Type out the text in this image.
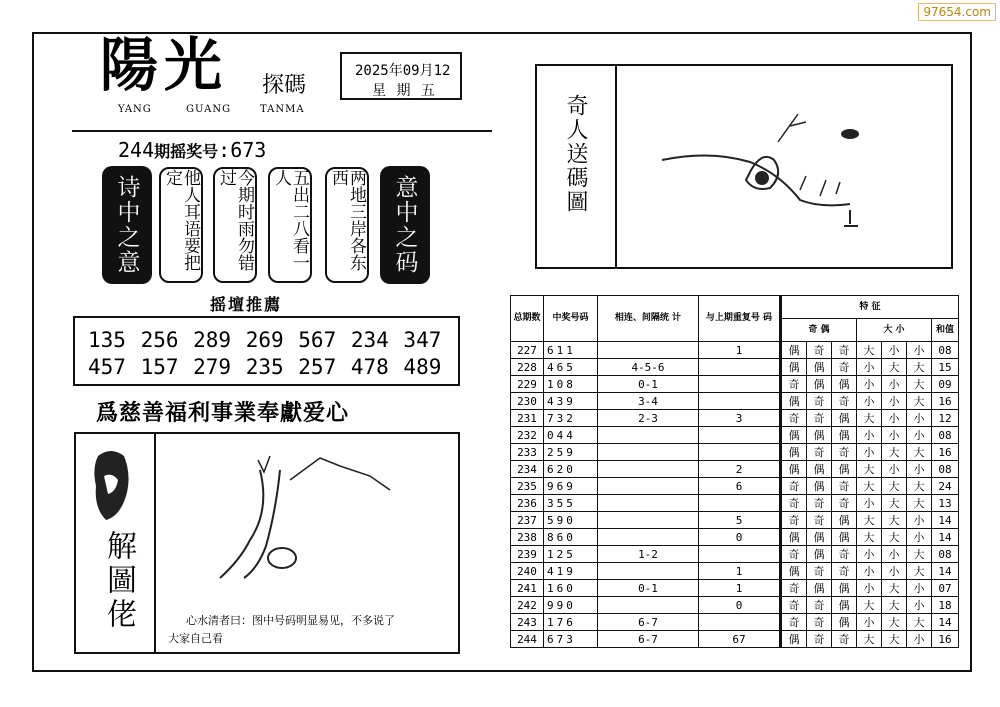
97654.com
陽光 探碼
YANG	GUANG	TANMA
2025年09月12
星 期 五
244期摇奖号:673
诗中之意	他人耳语要把定	今期时雨勿错过	五出二八看一人	两地三岸各东西	意中之码
摇壇推薦
135 256 289 269 567 234 347
457 157 279 235 257 478 489
爲慈善福利事業奉獻爱心
解圖佬	心水清者曰：图中号码明显易见，不多说了
大家自己看
奇人送碼圖
总期数	中奖号码	相连、间隔统 计	与上期重复号 码	特 征						
				奇 偶			大 小			和值
227	611		1	偶	奇	奇	大	小	小	08
228	465	4-5-6		偶	偶	奇	小	大	大	15
229	108	0-1		奇	偶	偶	小	小	大	09
230	439	3-4		偶	奇	奇	小	小	大	16
231	732	2-3	3	奇	奇	偶	大	小	小	12
232	044			偶	偶	偶	小	小	小	08
233	259			偶	奇	奇	小	大	大	16
234	620		2	偶	偶	偶	大	小	小	08
235	969		6	奇	偶	奇	大	大	大	24
236	355			奇	奇	奇	小	大	大	13
237	590		5	奇	奇	偶	大	大	小	14
238	860		0	偶	偶	偶	大	大	小	14
239	125	1-2		奇	偶	奇	小	小	大	08
240	419		1	偶	奇	奇	小	小	大	14
241	160	0-1	1	奇	偶	偶	小	大	小	07
242	990		0	奇	奇	偶	大	大	小	18
243	176	6-7		奇	奇	偶	小	大	大	14
244	673	6-7	67	偶	奇	奇	大	大	小	16
